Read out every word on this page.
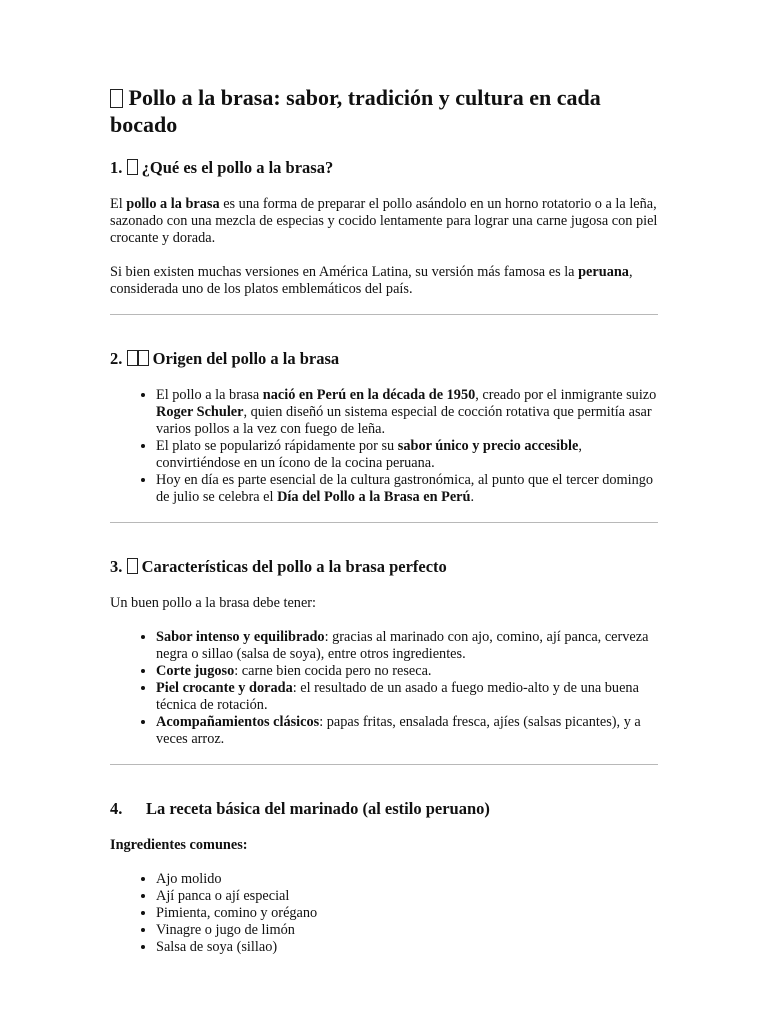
Pollo a la brasa: sabor, tradición y cultura en cada bocado
1.  ¿Qué es el pollo a la brasa?

El pollo a la brasa es una forma de preparar el pollo asándolo en un horno rotatorio o a la leña, sazonado con una mezcla de especias y cocido lentamente para lograr una carne jugosa con piel crocante y dorada.

Si bien existen muchas versiones en América Latina, su versión más famosa es la peruana, considerada uno de los platos emblemáticos del país.

2.  Origen del pollo a la brasa
• El pollo a la brasa nació en Perú en la década de 1950, creado por el inmigrante suizo Roger Schuler, quien diseñó un sistema especial de cocción rotativa que permitía asar varios pollos a la vez con fuego de leña.
• El plato se popularizó rápidamente por su sabor único y precio accesible, convirtiéndose en un ícono de la cocina peruana.
• Hoy en día es parte esencial de la cultura gastronómica, al punto que el tercer domingo de julio se celebra el Día del Pollo a la Brasa en Perú.
3.  Características del pollo a la brasa perfecto

Un buen pollo a la brasa debe tener:

• Sabor intenso y equilibrado: gracias al marinado con ajo, comino, ají panca, cerveza negra o sillao (salsa de soya), entre otros ingredientes.
• Corte jugoso: carne bien cocida pero no reseca.
• Piel crocante y dorada: el resultado de un asado a fuego medio-alto y de una buena técnica de rotación.
• Acompañamientos clásicos: papas fritas, ensalada fresca, ajíes (salsas picantes), y a veces arroz.
4. La receta básica del marinado (al estilo peruano)

Ingredientes comunes:

• Ajo molido
• Ají panca o ají especial
• Pimienta, comino y orégano
• Vinagre o jugo de limón
• Salsa de soya (sillao)
